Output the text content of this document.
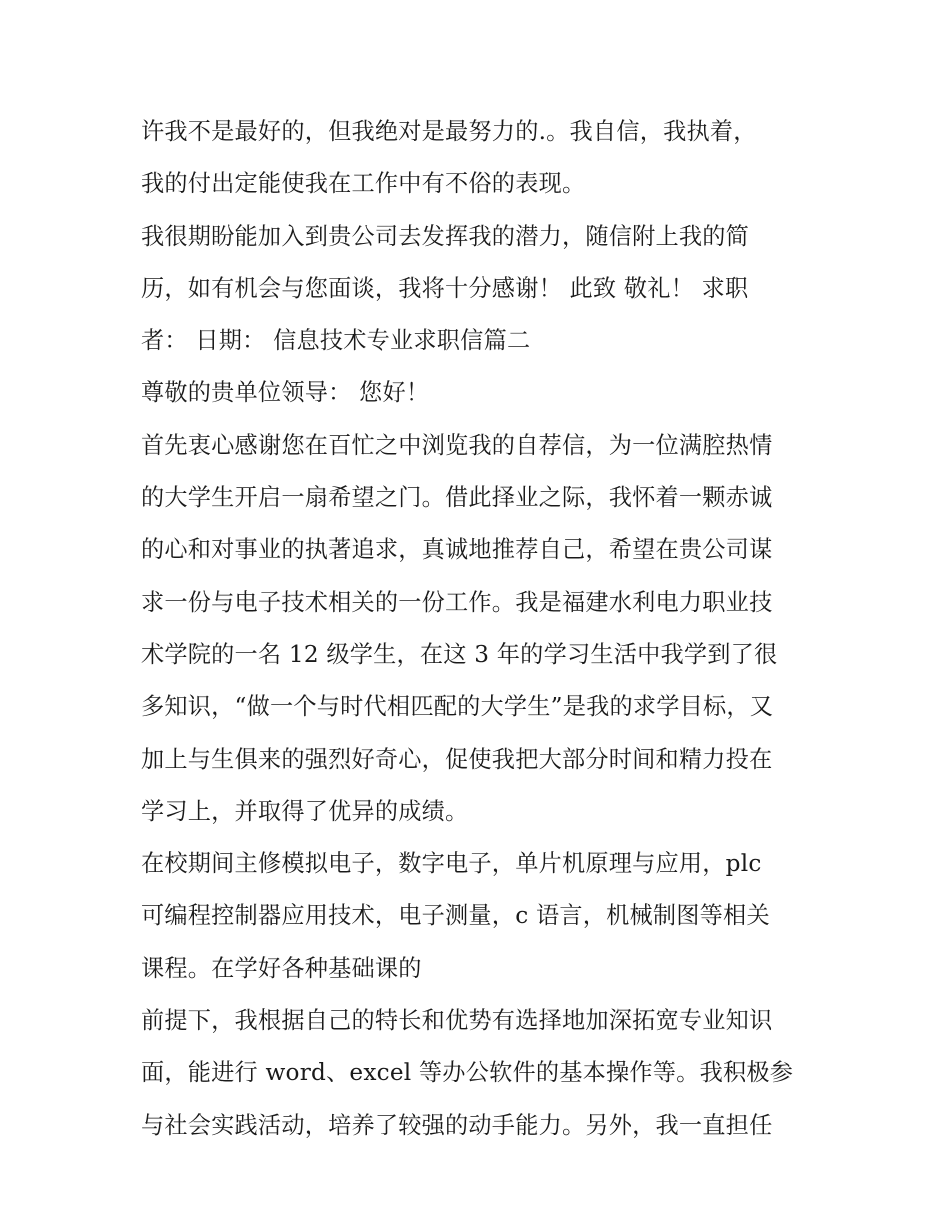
许我不是最好的，但我绝对是最努力的.。我自信，我执着，
我的付出定能使我在工作中有不俗的表现。
我很期盼能加入到贵公司去发挥我的潜力，随信附上我的简
历，如有机会与您面谈，我将十分感谢！ 此致 敬礼！ 求职
者： 日期： 信息技术专业求职信篇二
尊敬的贵单位领导： 您好！
首先衷心感谢您在百忙之中浏览我的自荐信，为一位满腔热情
的大学生开启一扇希望之门。借此择业之际，我怀着一颗赤诚
的心和对事业的执著追求，真诚地推荐自己，希望在贵公司谋
求一份与电子技术相关的一份工作。我是福建水利电力职业技
术学院的一名 12 级学生，在这 3 年的学习生活中我学到了很
多知识，“做一个与时代相匹配的大学生”是我的求学目标，又
加上与生俱来的强烈好奇心，促使我把大部分时间和精力投在
学习上，并取得了优异的成绩。
在校期间主修模拟电子，数字电子，单片机原理与应用，plc
可编程控制器应用技术，电子测量，c 语言，机械制图等相关
课程。在学好各种基础课的
前提下，我根据自己的特长和优势有选择地加深拓宽专业知识
面，能进行 word、excel 等办公软件的基本操作等。我积极参
与社会实践活动，培养了较强的动手能力。另外，我一直担任
